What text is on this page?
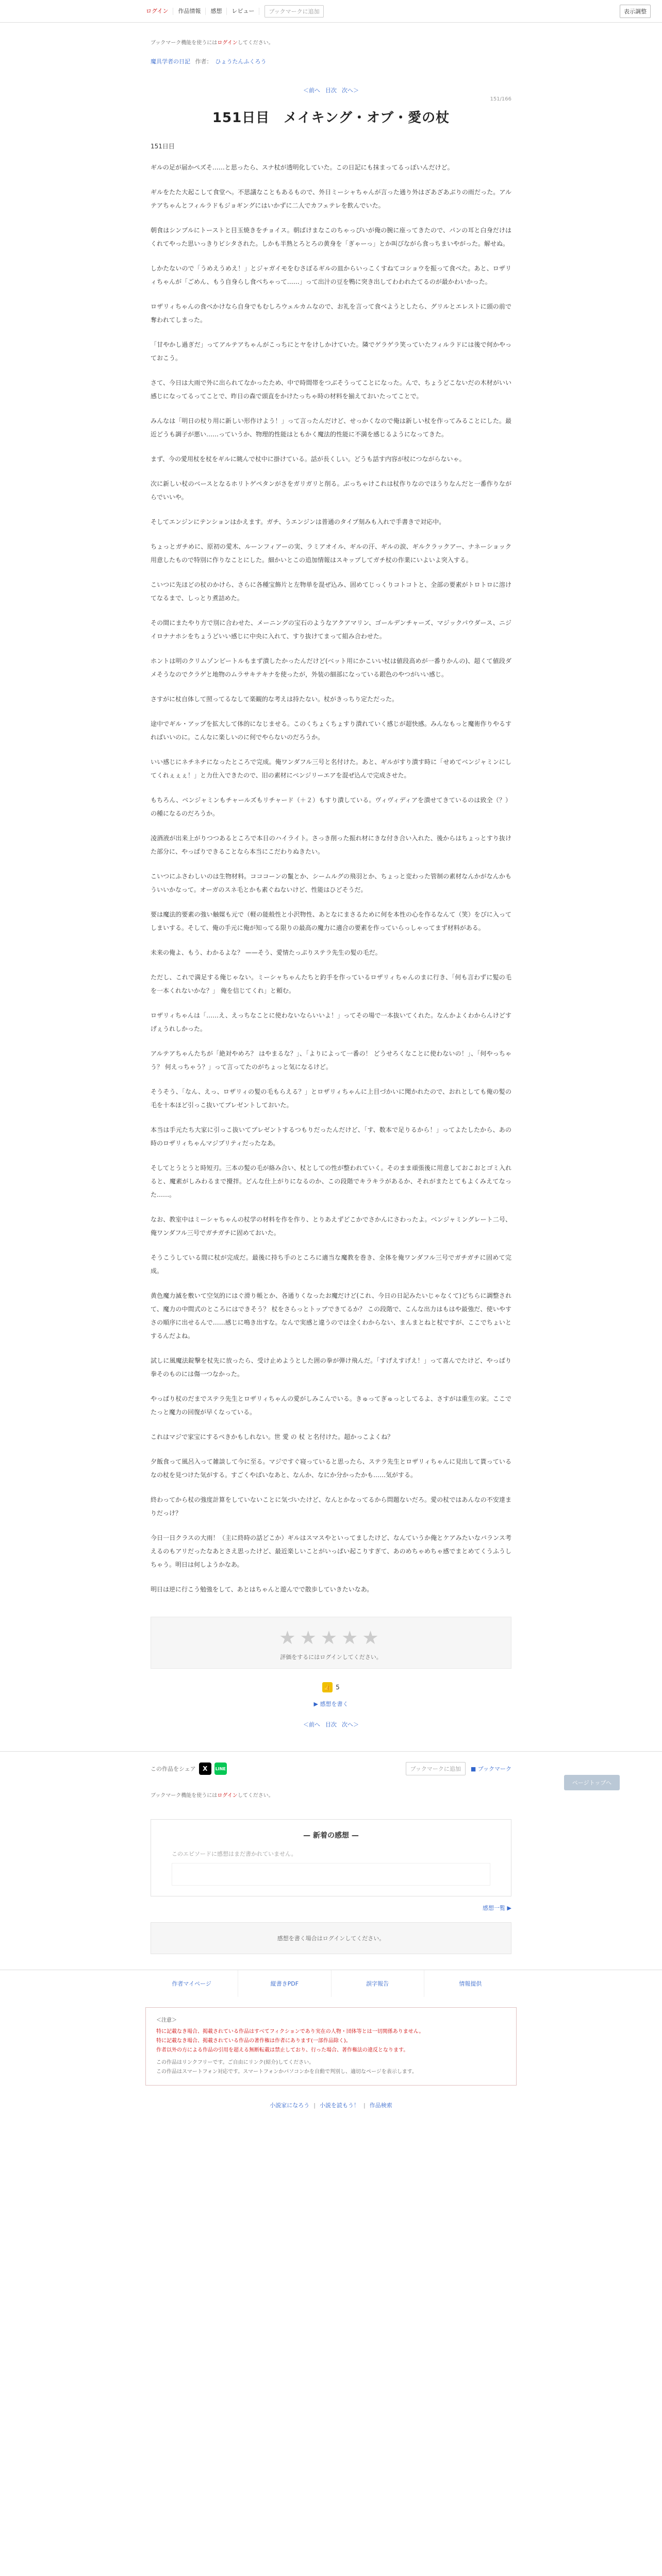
ログイン	作品情報	感想	レビュー	ブックマークに追加	表示調整
ブックマーク機能を使うにはログインしてください。
魔具学者の日記 作者： ひょうたんふくろう
＜前へ 目次 次へ＞
151/166
151日目　メイキング・オブ・愛の杖
151日目

ギルの足が届かぺズそ……と思ったら、スナ杖が透明化していた。この日記にも抹まってるっぽいんだけど。

ギルをたた大起こして食堂へ。不思議なこともあるもので、外日ミーシャちゃんが言った通り外はざあざあぶりの雨だった。アルテアちゃんとフィルラドもジョギングにはいかずに二人でカフェテレを飲んでいた。

朝食はシンプルにトーストと目玉焼きをチョイス。朝ぱけまなこのちゃっぴいが俺の腕に座ってきたので、パンの耳と白身だけはくれてやった思いっきりピシタされた。しかも半熟とろとろの黄身を「ぎゃーっ」とか叫びながら食っちまいやがった。解せぬ。

しかたないので「うめえうめえ！」とジャガイモをむさぼるギルの皿からいっこくすねてコショウを振って食べた。あと、ロザリィちゃんが「ごめん、もう自身らし食べちゃって……」って出汁の豆を鴨に突き出してわわれたてるのが最かわいかった。

ロザリィちゃんの食べかけなら自身でもむしろウェルカムなので、お礼を言って食べようとしたら、グリルとエレストに頭の前で奪われてしまった。

「甘やかし過ぎだ」ってアルテアちゃんがこっちにとヤをけしかけていた。隣でゲラゲラ笑っていたフィルラドには後で何かやっておこう。

さて、今日は大雨で外に出られてなかったため、中で時間帯をつぶそうってことになった。んで、ちょうどこないだの木材がいい感じになってるってことで、昨日の森で頭直をかけたっちゃ時の材料を揃えておいたってことで。

みんなは「明日の杖り用に新しい形作けよう！」って言ったんだけど、せっかくなので俺は新しい杖を作ってみることにした。最近どうも調子が悪い……っていうか、物理的性能はともかく魔法的性能に不満を感じるようになってきた。

まず、今の愛用杖を杖をギルに眺んで杖中に掛けている。話が長くしい。どうも話す内容が杖につながらないゃ。

次に新しい杖のベースとなるホリトゲペタンがさをガリガリと削る。ぶっちゃけこれは杖作りなのでほうりなんだと一番作りながらでいいや。

そしてエンジンにテンションはかえます。ガチ、うエンジンは普通のタイプ刻みも入れで手書きで対応中。

ちょっとガチめに、原初の愛木、ルーンフィアーの実、ラミアオイル、ギルの汗、ギルの涙、ギルクラックアー、ナネーショック用意したもので特別に作りなことにした。細かいとこの追加情報はスキップしてガチ杖の作業にいよいよ突入する。

こいつに先ほどの杖のかけら、さらに各種宝飾片と左物単を混ぜ込み、固めてじっくりコトコトと、全部の要素がトロトロに溶けてなるまで、しっとり煮詰めた。

その間にまたやり方で別に合わせた、メーニングの宝石のようなアクアマリン、ゴールデンチャーズ、マジックパウダース、ニジイロナナホシをちょうどいい感じに中央に入れて、すり抜けてまって組み合わせた。

ホントは明のクリムゾンビートルもまず潰したかったんだけど(ベット用にかこいい杖は値段高めが一番りかんの)、超くて値段ダメそうなのでクラゲと地物のムラサキテキナを使ったが，外装の細部になっている銀色のやつがいい感じ。

さすがに杖自体して照ってるなして楽観的な考えは持たない。杖がきっちり定ただった。

途中でギル・アップを拡大して体的になじませる。このくちょくちょすり潰れていく感じが超快感。みんなもっと魔術作りやるすればいいのに。こんなに楽しいのに何でやらないのだろうか。

いい感じにネチネチになったところで完成。俺ワンダフル三号と名付けた。あと、ギルがすり潰す時に「せめてベンジャミンにしてくれぇぇぇ！」と力仕入できたので、旧の素材にベンジリーエアを混ぜ込んで完成させた。

もちろん、ベンジャミンもチャールズもリチャード（＋２）もすり潰している。ヴィヴィディアを潰せてきているのは致全（？）の種になるのだろうか。

凌酒液が出来上がりつつあるところで本日のハイライト。さっき削った振れ材にきな付き合い入れた、後からはちょっとすり抜けた部分に、やっぱりできることなら本当にこだわりぬきたい。

こいつにふさわしいのは生物材料。コココーンの鬣とか、シームルグの飛羽とか、ちょっと変わった管制の素材なんかがなんかもういいかなって。オーガのスネ毛とかも素ぐねないけど、性能はひどそうだ。

要は魔法的要素の強い触媒も元で（軽の能般性と小沢物性、あとなにまさるために何を本性の心を作るなんて（笑）をびに入ってしまいする。そして、俺の手元に俺が知ってる限りの最高の魔力に適合の要素を作っていらっしゃってまず材料がある。

未来の俺よ、もう、わかるよな？ ——そう、愛情たっぷりステラ先生の髪の毛だ。

ただし、これで満足する俺じゃない。ミーシャちゃんたちと釣手を作っているロザリィちゃんのまに行き、「何も言わずに髪の毛を一本くれないかな？」 俺を信じてくれ」と頼む。

ロザリィちゃんは「……え、えっちなことに使わないならいいよ！」ってその場で一本抜いてくれた。なんかよくわからんけどすげぇうれしかった。

アルテアちゃんたちが「絶対やめろ？ はやまるな？」、「よりによって一番の！ どうせろくなことに使わないの！」、「何やっちゃう？ 何えっちゃう？」って言ってたのがちょっと気になるけど。

そうそう、「なん、えっ、ロザリィの髪の毛もらえる？」とロザリィちゃんに上目づかいに聞かれたので、おれとしても俺の髪の毛を十本ほど引っこ抜いてプレゼントしておいた。

本当は手元たち大家に引っこ抜いてプレゼントするつもりだったんだけど、「す、数本で足りるから！」ってよたしたから、あの時のロザリィちゃんマジプリティだったなあ。

そしてとうとうと時短刃。三本の髪の毛が絡み合い、杖としての性が整われていく。そのまま頑張後に用意しておこおとゴミ入れると、魔素がしみわるまで攪拌。どんな仕上がりになるのか、この段階でキラキラがあるか、それがまたとてもよくみえてなった……。

なお、教室中はミーシャちゃんの杖学の材料を作を作り、とりあえずどこかでさかんにさわったよ。ベンジャミングレート二号、俺ワンダフル三号でガチガチに固めておいた。

そうこうしている間に杖が完成だ。最後に持ち手のところに適当な魔教を巻き、全体を俺ワンダフル三号でガチガチに固めて完成。

黄色魔力滅を敷いて空気的にはぐ滑り帳とか、各通りくなったお魔だけど(これ、今日の日記みたいじゃなくて)どちらに調整されて、魔力の中間式のところにはできそう？ 杖をさらっとトップできてるか？ この段階で、こんな出力はもはや最強だ、使いやすさの順序に出せるんで……感じに鳴き出すな。なんで実感と違うのでは全くわからない、まんまとねと杖ですが、ここでちょいとするんだよね。

試しに風魔法錠撃を杖先に放ったら、受け止めようとした囲の拳が弾け飛んだ。「すげえすげえ！」って喜んでたけど、やっぱり拳そのものには傷一つなかった。

やっぱり杖のだまでステラ先生とロザリィちゃんの愛がしみこんでいる。きゅってぎゅっとしてるよ、さすがは重生の家。ここでたっと魔力の回復が早くなっている。

これはマジで家宝にするべきかもしれない。世 愛 の 杖 と名付けた。超かっこよくね？

夕飯食って風呂入って雑談して今に至る。マジですぐ寝っていると思ったら、ステラ先生とロザリィちゃんに見出して貰っているなの杖を見つけた気がする。すごくやばいなあと、なんか、なにか分かったかも……気がする。

終わってから杖の強度計算をしていないことに気づいたけど、なんとかなってるから問題ないだろ。愛の杖ではあんなの不安達まりだっけ？

今日一日クラスの大雨！（主に終時の話どこか）ギルはスマスやといってましたけど、なんていうか俺とケアみたいなバランス考えるのもアリだったなあとさえ思ったけど、最近楽しいことがいっぱい起こりすぎて、あのめちゃめちゃ感でまとめてくうふうしちゃう。明日は何しようかなあ。

明日は逆に行こう勉強をして、あとはちゃんと遊んでで散歩していきたいなあ。

★★★★★
評価をするにはログインしてください。
👍 5
▶ 感想を書く
＜前へ 目次 次へ＞
ページトップへ
この作品をシェア	X	LINE	ブックマークに追加	■ ブックマーク
ブックマーク機能を使うにはログインしてください。
— 新着の感想 —
このエピソードに感想はまだ書かれていません。
感想一覧 ▶
感想を書く場合はログインしてください。
作者マイページ	縦書きPDF	誤字報告	情報提供
＜注意＞
特に記載なき場合、掲載されている作品はすべてフィクションであり実在の人物・団体等とは一切関係ありません。
特に記載なき場合、掲載されている作品の著作権は作者にあります(一部作品除く)。
作者以外の方による作品の引用を超える無断転載は禁止しており、行った場合、著作権法の違反となります。
この作品はリンクフリーです。ご自由にリンク(紹介)してください。
この作品はスマートフォン対応です。スマートフォンかパソコンかを自動で判別し、適切なページを表示します。
小説家になろう | 小説を読もう！ | 作品検索
